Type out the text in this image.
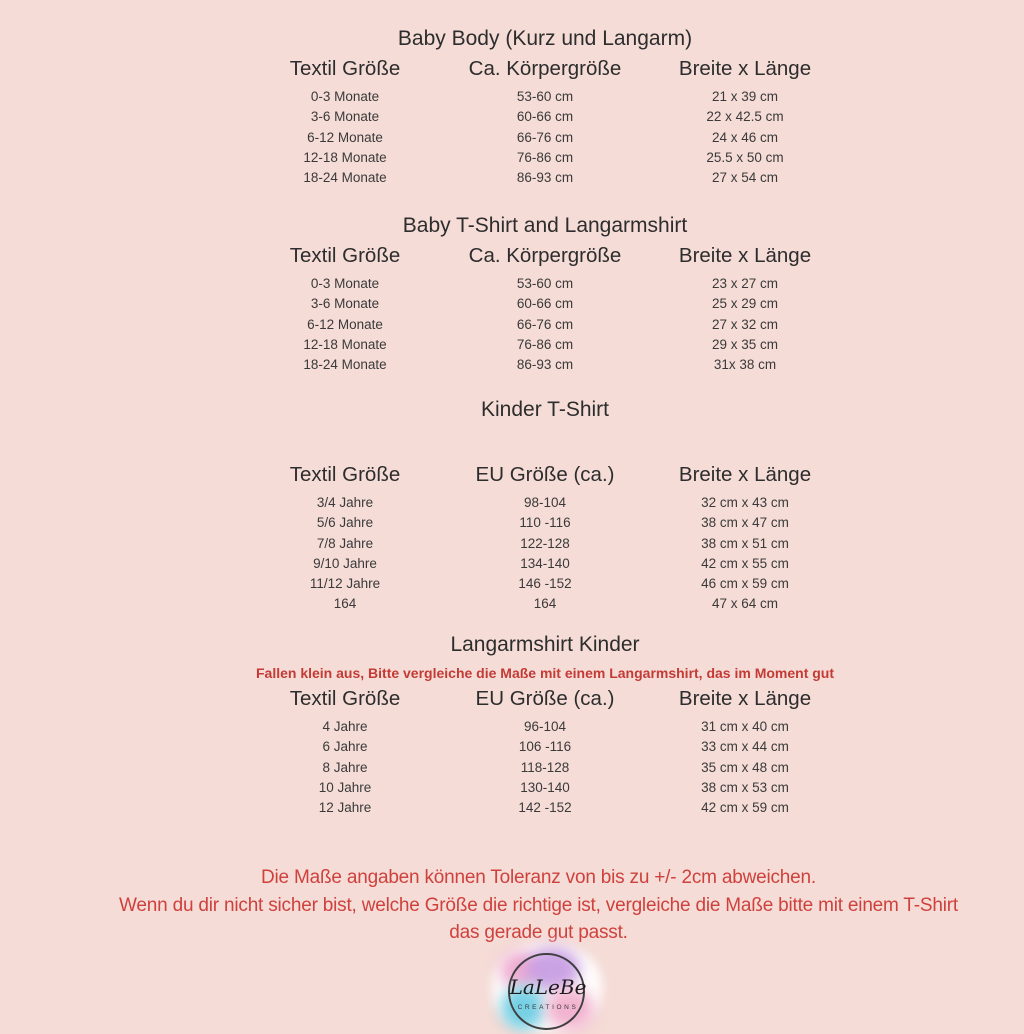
Baby Body (Kurz und Langarm)
Textil Größe	Ca. Körpergröße	Breite x Länge
0-3 Monate	53-60 cm	21 x 39 cm
3-6 Monate	60-66 cm	22 x 42.5 cm
6-12 Monate	66-76 cm	24 x 46 cm
12-18 Monate	76-86 cm	25.5 x 50 cm
18-24 Monate	86-93 cm	27 x 54 cm
Baby T-Shirt and Langarmshirt
Textil Größe	Ca. Körpergröße	Breite x Länge
0-3 Monate	53-60 cm	23 x 27 cm
3-6 Monate	60-66 cm	25 x 29 cm
6-12 Monate	66-76 cm	27 x 32 cm
12-18 Monate	76-86 cm	29 x 35 cm
18-24 Monate	86-93 cm	31x 38 cm
Kinder T-Shirt
Textil Größe	EU Größe (ca.)	Breite x Länge
3/4 Jahre	98-104	32 cm x 43 cm
5/6 Jahre	110 -116	38 cm x 47 cm
7/8 Jahre	122-128	38 cm x 51 cm
9/10 Jahre	134-140	42 cm x 55 cm
11/12 Jahre	146 -152	46 cm x 59 cm
164	164	47 x 64 cm
Langarmshirt Kinder
Fallen klein aus, Bitte vergleiche die Maße mit einem Langarmshirt, das im Moment gut
Textil Größe	EU Größe (ca.)	Breite x Länge
4 Jahre	96-104	31 cm x 40 cm
6 Jahre	106 -116	33 cm x 44 cm
8 Jahre	118-128	35 cm x 48 cm
10 Jahre	130-140	38 cm x 53 cm
12 Jahre	142 -152	42 cm x 59 cm
Die Maße angaben können Toleranz von bis zu +/- 2cm abweichen.
Wenn du dir nicht sicher bist, welche Größe die richtige ist, vergleiche die Maße bitte mit einem T-Shirt
das gerade gut passt.
LaLeBe
CREATIONS
